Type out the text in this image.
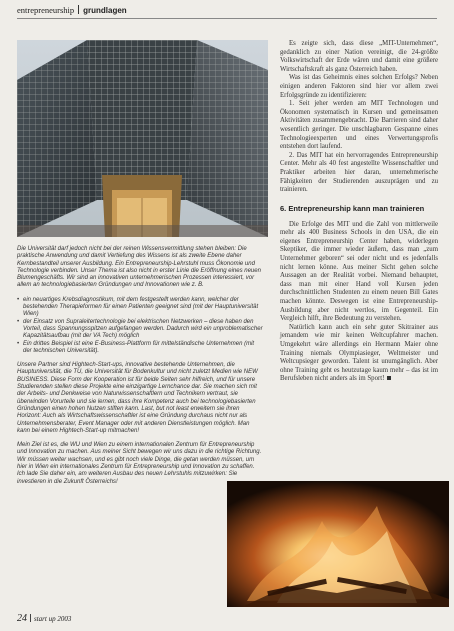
entrepreneurship grundlagen

Die Universität darf jedoch nicht bei der reinen Wissensvermittlung stehen bleiben: Die praktische Anwendung und damit Vertiefung des Wissens ist als zweite Ebene daher Kernbestandteil unserer Ausbildung. Ein Entrepreneurship-Lehrstuhl muss Ökonomie und Technologie verbinden. Unser Thema ist also nicht in erster Linie die Eröffnung eines neuen Blumengeschäfts. Wir sind an innovativen unternehmerischen Prozessen interessiert, vor allem an technologiebasierten Gründungen und Innovationen wie z. B.

• ein neuartiges Krebsdiagnostikum, mit dem festgestellt werden kann, welcher der bestehenden Therapieformen für einen Patienten geeignet sind (mit der Hauptuniversität Wien)
• der Einsatz von Supraleitertechnologie bei elektrischen Netzwerken – diese haben den Vorteil, dass Spannungsspitzen aufgefangen werden. Dadurch wird ein unproblematischer Kapazitätsaufbau (mit der VA Tech) möglich
• Ein drittes Beispiel ist eine E-Business-Plattform für mittelständische Unternehmen (mit der technischen Universität).

Unsere Partner sind Hightech-Start-ups, innovative bestehende Unternehmen, die Hauptuniversität, die TU, die Universität für Bodenkultur und nicht zuletzt Medien wie NEW BUSINESS. Diese Form der Kooperation ist für beide Seiten sehr hilfreich, und für unsere Studierenden stellen diese Projekte eine einzigartige Lernchance dar. Sie machen sich mit der Arbeits- und Denkweise von Naturwissenschaftlern und Technikern vertraut, sie überwinden Vorurteile und sie lernen, dass ihre Kompetenz auch bei technologiebasierten Gründungen einen hohen Nutzen stiften kann. Last, but not least erweitern sie ihren Horizont: Auch als Wirtschaftswissenschaftler ist eine Gründung durchaus nicht nur als Unternehmensberater, Event Manager oder mit anderen Dienstleistungen möglich. Man kann bei einem Hightech-Start-up mitmachen!

Mein Ziel ist es, die WU und Wien zu einem internationalen Zentrum für Entrepreneurship und Innovation zu machen. Aus meiner Sicht bewegen wir uns dazu in die richtige Richtung. Wir müssen weiter wachsen, und es gibt noch viele Dinge, die getan werden müssen, um hier in Wien ein internationales Zentrum für Entrepreneurship und Innovation zu schaffen. Ich lade Sie daher ein, am weiteren Ausbau des neuen Lehrstuhls mitzuwirken: Sie investieren in die Zukunft Österreichs!

Es zeigte sich, dass diese „MIT-Unternehmen“, gedanklich zu einer Nation vereinigt, die 24-größte Volkswirtschaft der Erde wären und damit eine größere Wirtschaftskraft als ganz Österreich haben.

Was ist das Geheimnis eines solchen Erfolgs? Neben einigen anderen Faktoren sind hier vor allem zwei Erfolgsgründe zu identifizieren:

1. Seit jeher werden am MIT Technologen und Ökonomen systematisch in Kursen und gemeinsamen Aktivitäten zusammengebracht. Die Barrieren sind daher wesentlich geringer. Die unschlagbaren Gespanne eines Technologieexperten und eines Verwertungsprofis entstehen dort laufend.

2. Das MIT hat ein hervorragendes Entrepreneurship Center. Mehr als 40 fest angestellte Wissenschaftler und Praktiker arbeiten hier daran, unternehmerische Fähigkeiten der Studierenden auszuprägen und zu trainieren.

6. Entrepreneurship kann man trainieren

Die Erfolge des MIT und die Zahl von mittlerweile mehr als 400 Business Schools in den USA, die ein eigenes Entrepreneurship Center haben, widerlegen Skeptiker, die immer wieder äußern, dass man „zum Unternehmer geboren“ sei oder nicht und es jedenfalls nicht lernen könne. Aus meiner Sicht gehen solche Aussagen an der Realität vorbei. Niemand behauptet, dass man mit einer Hand voll Kursen jeden durchschnittlichen Studenten zu einem neuen Bill Gates machen könnte. Deswegen ist eine Entrepreneurship-Ausbildung aber nicht wertlos, im Gegenteil. Ein Vergleich hilft, ihre Bedeutung zu verstehen.

Natürlich kann auch ein sehr guter Skitrainer aus jemandem wie mir keinen Weltcupfahrer machen. Umgekehrt wäre allerdings ein Hermann Maier ohne Training niemals Olympiasieger, Weltmeister und Weltcupsieger geworden. Talent ist unumgänglich. Aber ohne Training geht es heutzutage kaum mehr – das ist im Berufsleben nicht anders als im Sport!

24 start up 2003
